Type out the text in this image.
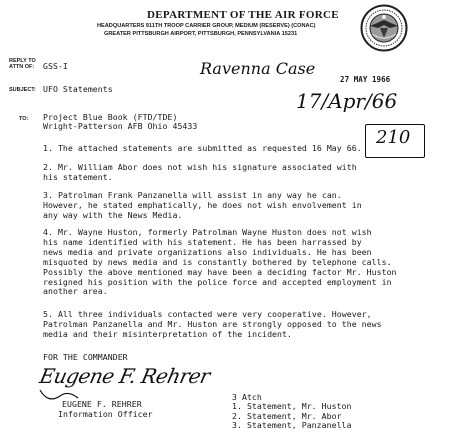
DEPARTMENT OF THE AIR FORCE
HEADQUARTERS 911TH TROOP CARRIER GROUP, MEDIUM (RESERVE) (CONAC)
GREATER PITTSBURGH AIRPORT, PITTSBURGH, PENNSYLVANIA 15231
REPLY TO
ATTN OF: GSS-I
SUBJECT: UFO Statements
Ravenna Case
27 MAY 1966
17/Apr/66
210
TO: Project Blue Book (FTD/TDE)
Wright-Patterson AFB Ohio 45433
1. The attached statements are submitted as requested 16 May 66.
2. Mr. William Abor does not wish his signature associated with
his statement.
3. Patrolman Frank Panzanella will assist in any way he can.
However, he stated emphatically, he does not wish envolvement in
any way with the News Media.
4. Mr. Wayne Huston, formerly Patrolman Wayne Huston does not wish
his name identified with his statement. He has been harrassed by
news media and private organizations also individuals. He has been
misquoted by news media and is constantly bothered by telephone calls.
Possibly the above mentioned may have been a deciding factor Mr. Huston
resigned his position with the police force and accepted employment in
another area.
5. All three individuals contacted were very cooperative. However,
Patrolman Panzanella and Mr. Huston are strongly opposed to the news
media and their misinterpretation of the incident.
FOR THE COMMANDER
Eugene F. Rehrer
EUGENE F. REHRER
Information Officer
3 Atch
1. Statement, Mr. Huston
2. Statement, Mr. Abor
3. Statement, Panzanella
